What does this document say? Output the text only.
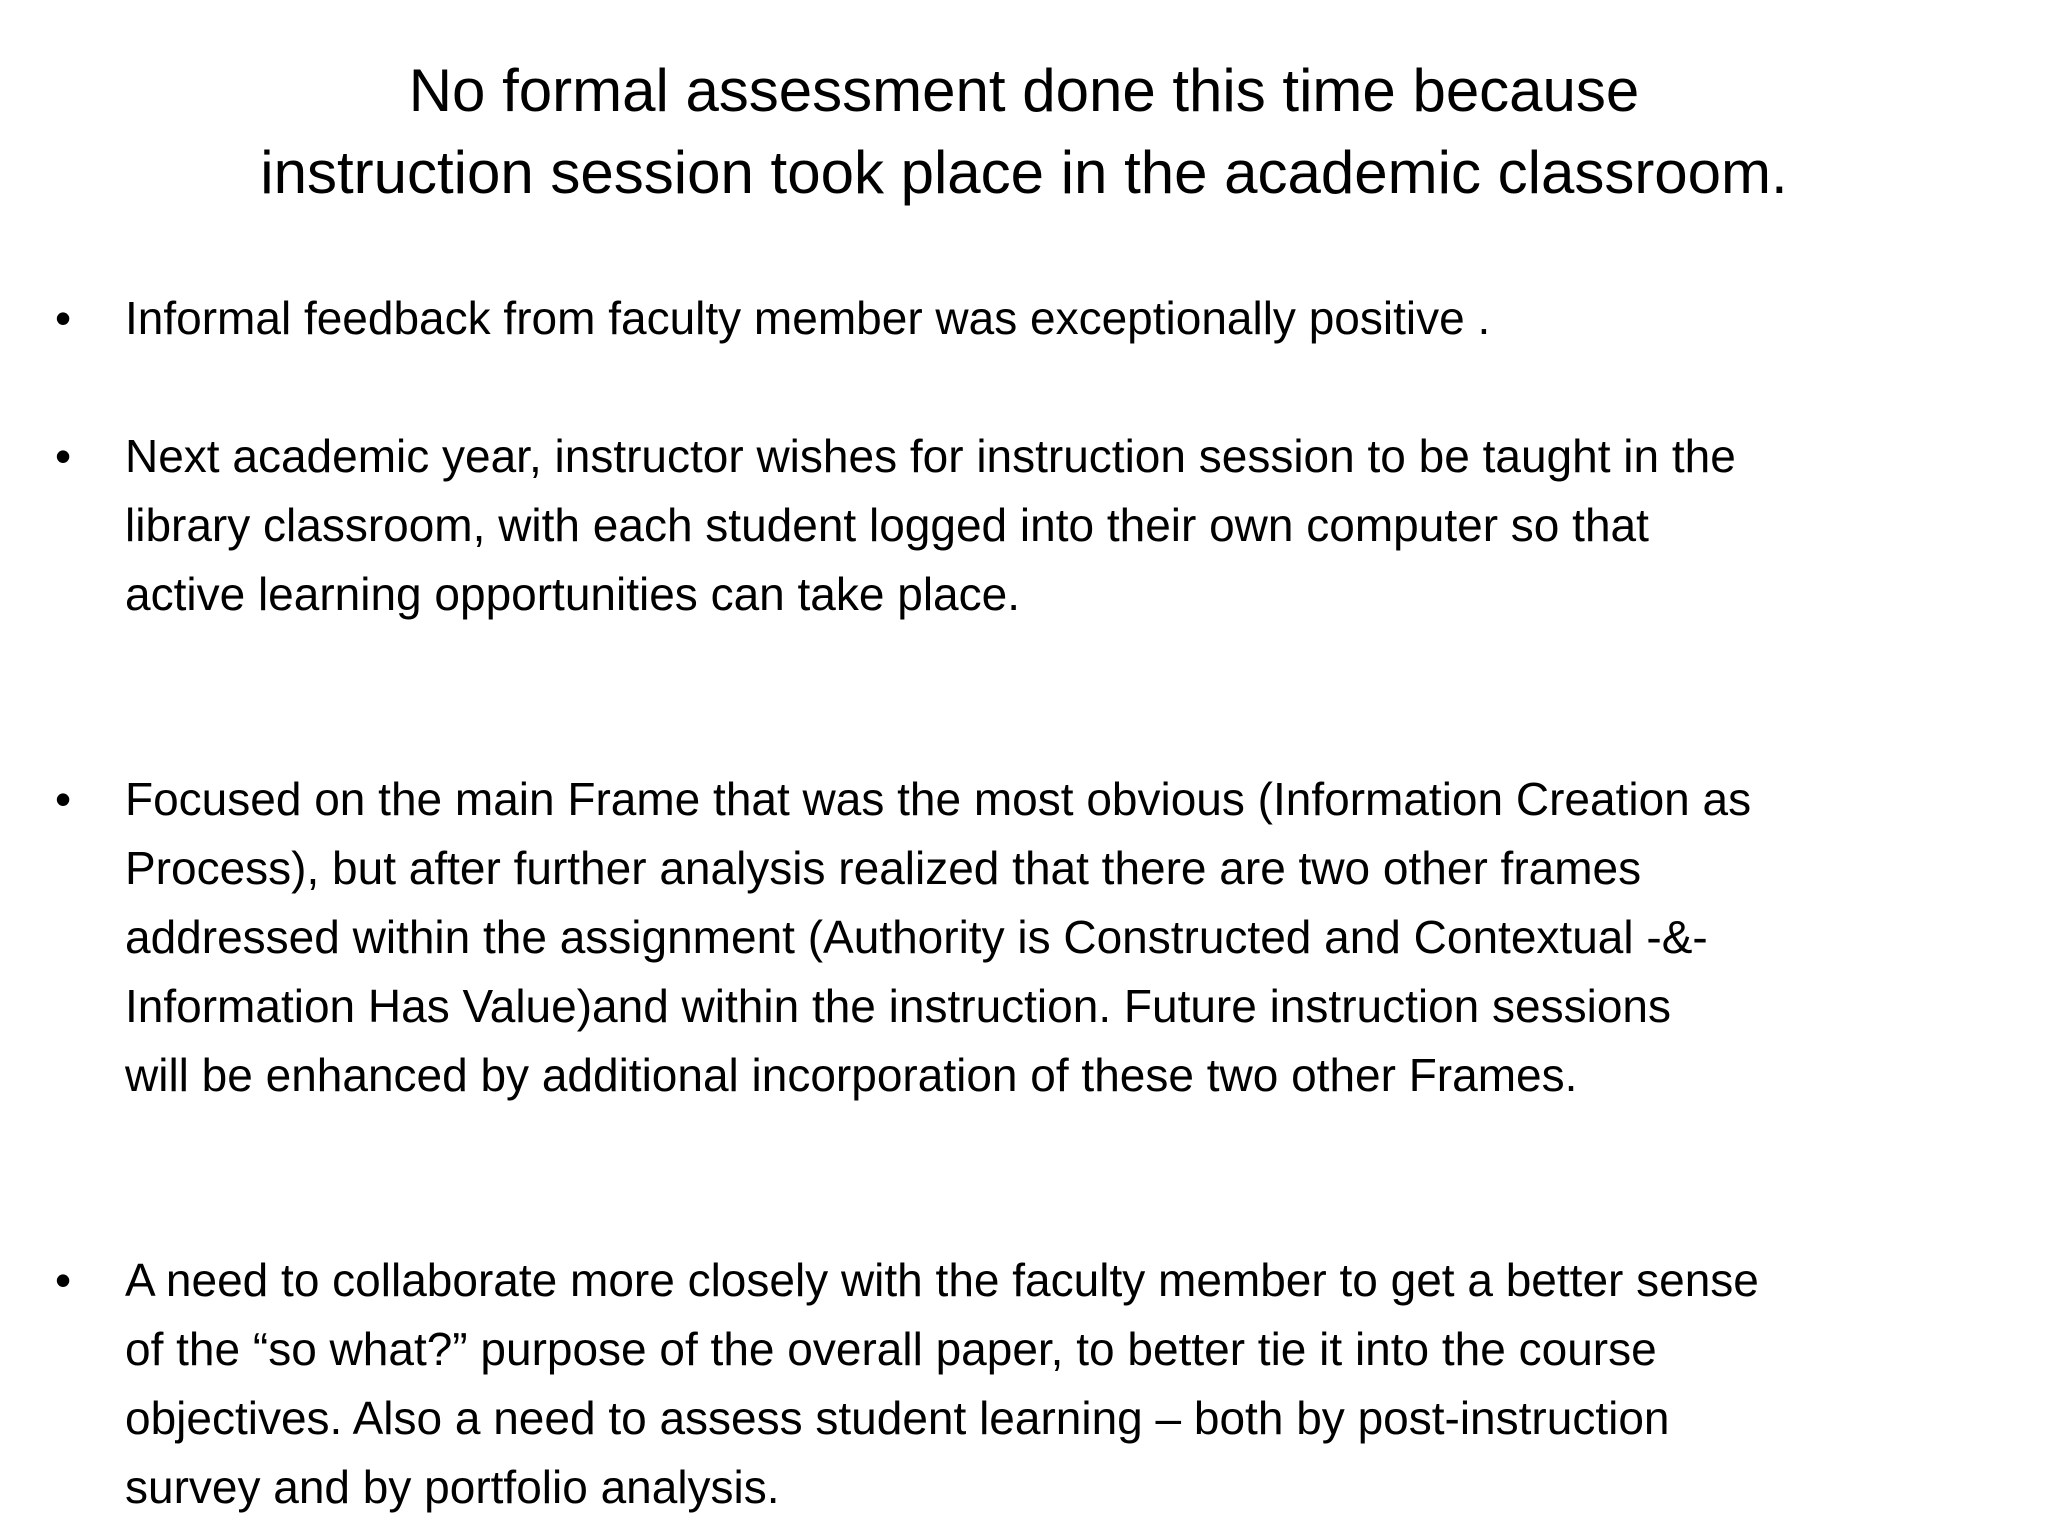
No formal assessment done this time because
instruction session took place in the academic classroom.
•	Informal feedback from faculty member was exceptionally positive .
•	Next academic year, instructor wishes for instruction session to be taught in the
library classroom, with each student logged into their own computer so that
active learning opportunities can take place.
•	Focused on the main Frame that was the most obvious (Information Creation as
Process), but after further analysis realized that there are two other frames
addressed within the assignment (Authority is Constructed and Contextual -&-
Information Has Value)and within the instruction. Future instruction sessions
will be enhanced by additional incorporation of these two other Frames.
•	A need to collaborate more closely with the faculty member to get a better sense
of the “so what?” purpose of the overall paper, to better tie it into the course
objectives. Also a need to assess student learning – both by post-instruction
survey and by portfolio analysis.
